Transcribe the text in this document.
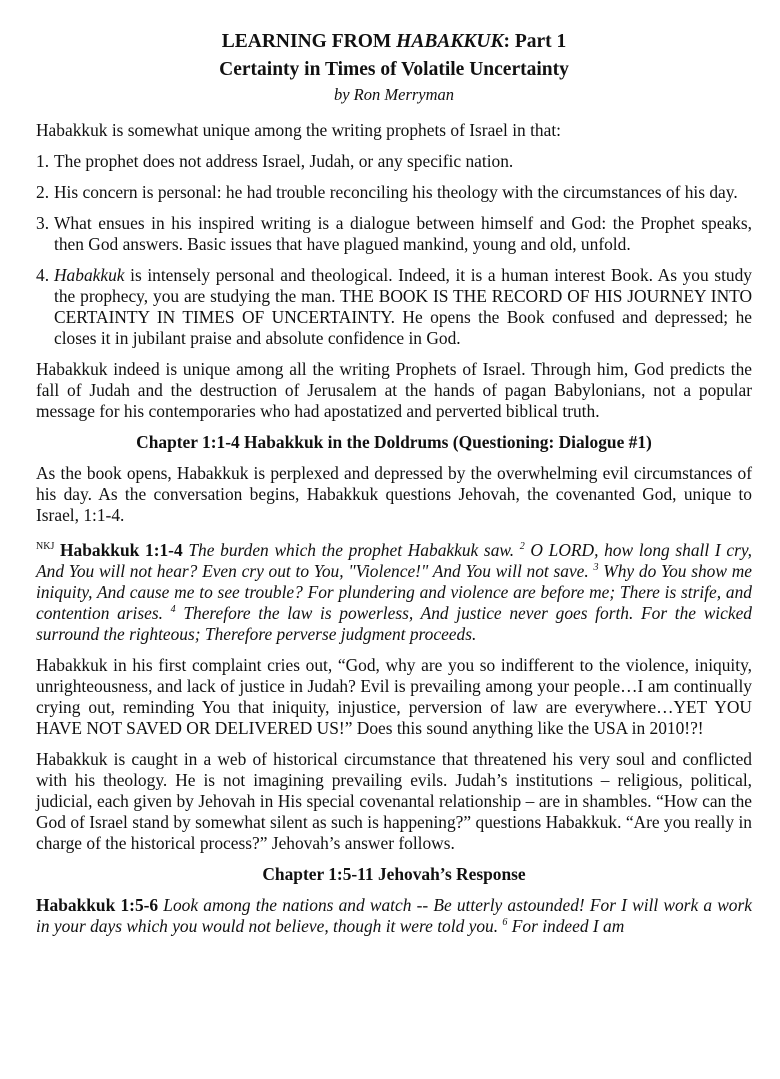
LEARNING FROM HABAKKUK: Part 1
Certainty in Times of Volatile Uncertainty
by Ron Merryman

Habakkuk is somewhat unique among the writing prophets of Israel in that:

1. The prophet does not address Israel, Judah, or any specific nation.
2. His concern is personal: he had trouble reconciling his theology with the circumstances of his day.
3. What ensues in his inspired writing is a dialogue between himself and God: the Prophet speaks, then God answers. Basic issues that have plagued mankind, young and old, unfold.
4. Habakkuk is intensely personal and theological. Indeed, it is a human interest Book. As you study the prophecy, you are studying the man. THE BOOK IS THE RECORD OF HIS JOURNEY INTO CERTAINTY IN TIMES OF UNCERTAINTY. He opens the Book confused and depressed; he closes it in jubilant praise and absolute confidence in God.

Habakkuk indeed is unique among all the writing Prophets of Israel. Through him, God predicts the fall of Judah and the destruction of Jerusalem at the hands of pagan Babylonians, not a popular message for his contemporaries who had apostatized and perverted biblical truth.

Chapter 1:1-4 Habakkuk in the Doldrums (Questioning: Dialogue #1)

As the book opens, Habakkuk is perplexed and depressed by the overwhelming evil circumstances of his day. As the conversation begins, Habakkuk questions Jehovah, the covenanted God, unique to Israel, 1:1-4.

$^{NKJ}$ Habakkuk 1:1-4 The burden which the prophet Habakkuk saw. $^2$ O LORD, how long shall I cry, And You will not hear? Even cry out to You, "Violence!" And You will not save. $^3$ Why do You show me iniquity, And cause me to see trouble? For plundering and violence are before me; There is strife, and contention arises. $^4$ Therefore the law is powerless, And justice never goes forth. For the wicked surround the righteous; Therefore perverse judgment proceeds.

Habakkuk in his first complaint cries out, “God, why are you so indifferent to the violence, iniquity, unrighteousness, and lack of justice in Judah? Evil is prevailing among your people…I am continually crying out, reminding You that iniquity, injustice, perversion of law are everywhere…YET YOU HAVE NOT SAVED OR DELIVERED US!” Does this sound anything like the USA in 2010!?!

Habakkuk is caught in a web of historical circumstance that threatened his very soul and conflicted with his theology. He is not imagining prevailing evils. Judah’s institutions – religious, political, judicial, each given by Jehovah in His special covenantal relationship – are in shambles. “How can the God of Israel stand by somewhat silent as such is happening?” questions Habakkuk. “Are you really in charge of the historical process?” Jehovah’s answer follows.

Chapter 1:5-11 Jehovah’s Response

Habakkuk 1:5-6 Look among the nations and watch -- Be utterly astounded! For I will work a work in your days which you would not believe, though it were told you. $^6$ For indeed I am
